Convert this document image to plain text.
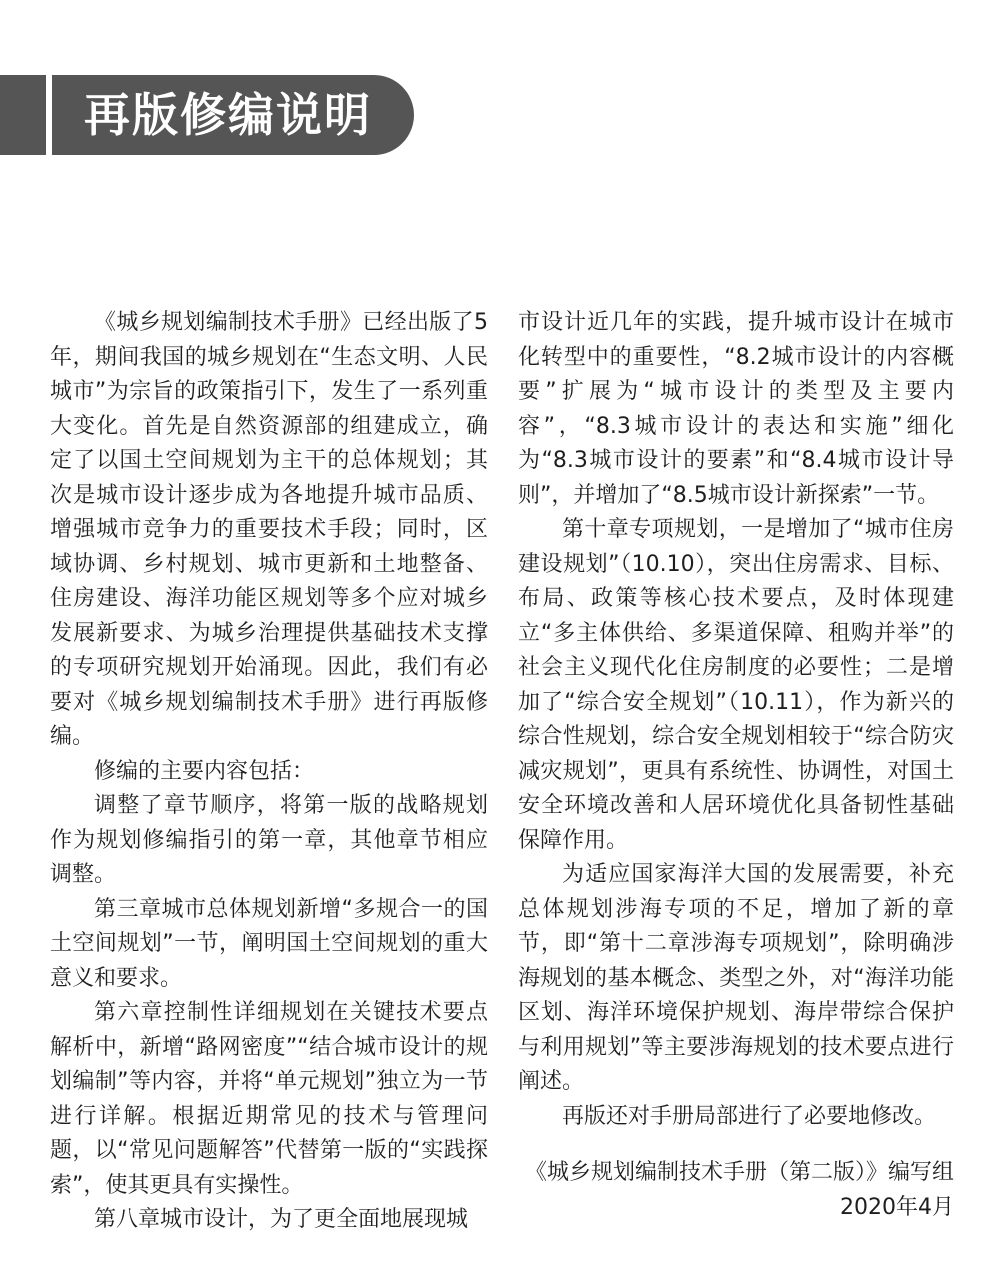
再版修编说明

《城乡规划编制技术手册》已经出版了5年，期间我国的城乡规划在“生态文明、人民城市”为宗旨的政策指引下，发生了一系列重大变化。首先是自然资源部的组建成立，确定了以国土空间规划为主干的总体规划；其次是城市设计逐步成为各地提升城市品质、增强城市竞争力的重要技术手段；同时，区域协调、乡村规划、城市更新和土地整备、住房建设、海洋功能区规划等多个应对城乡发展新要求、为城乡治理提供基础技术支撑的专项研究规划开始涌现。因此，我们有必要对《城乡规划编制技术手册》进行再版修编。

修编的主要内容包括：

调整了章节顺序，将第一版的战略规划作为规划修编指引的第一章，其他章节相应调整。

第三章城市总体规划新增“多规合一的国土空间规划”一节，阐明国土空间规划的重大意义和要求。

第六章控制性详细规划在关键技术要点解析中，新增“路网密度”“结合城市设计的规划编制”等内容，并将“单元规划”独立为一节进行详解。根据近期常见的技术与管理问题，以“常见问题解答”代替第一版的“实践探索”，使其更具有实操性。

第八章城市设计，为了更全面地展现城

市设计近几年的实践，提升城市设计在城市化转型中的重要性，“8.2城市设计的内容概要”扩展为“城市设计的类型及主要内容”，“8.3城市设计的表达和实施”细化为“8.3城市设计的要素”和“8.4城市设计导则”，并增加了“8.5城市设计新探索”一节。

第十章专项规划，一是增加了“城市住房建设规划”（10.10），突出住房需求、目标、布局、政策等核心技术要点，及时体现建立“多主体供给、多渠道保障、租购并举”的社会主义现代化住房制度的必要性；二是增加了“综合安全规划”（10.11），作为新兴的综合性规划，综合安全规划相较于“综合防灾减灾规划”，更具有系统性、协调性，对国土安全环境改善和人居环境优化具备韧性基础保障作用。

为适应国家海洋大国的发展需要，补充总体规划涉海专项的不足，增加了新的章节，即“第十二章涉海专项规划”，除明确涉海规划的基本概念、类型之外，对“海洋功能区划、海洋环境保护规划、海岸带综合保护与利用规划”等主要涉海规划的技术要点进行阐述。

再版还对手册局部进行了必要地修改。

《城乡规划编制技术手册（第二版）》编写组

2020年4月
